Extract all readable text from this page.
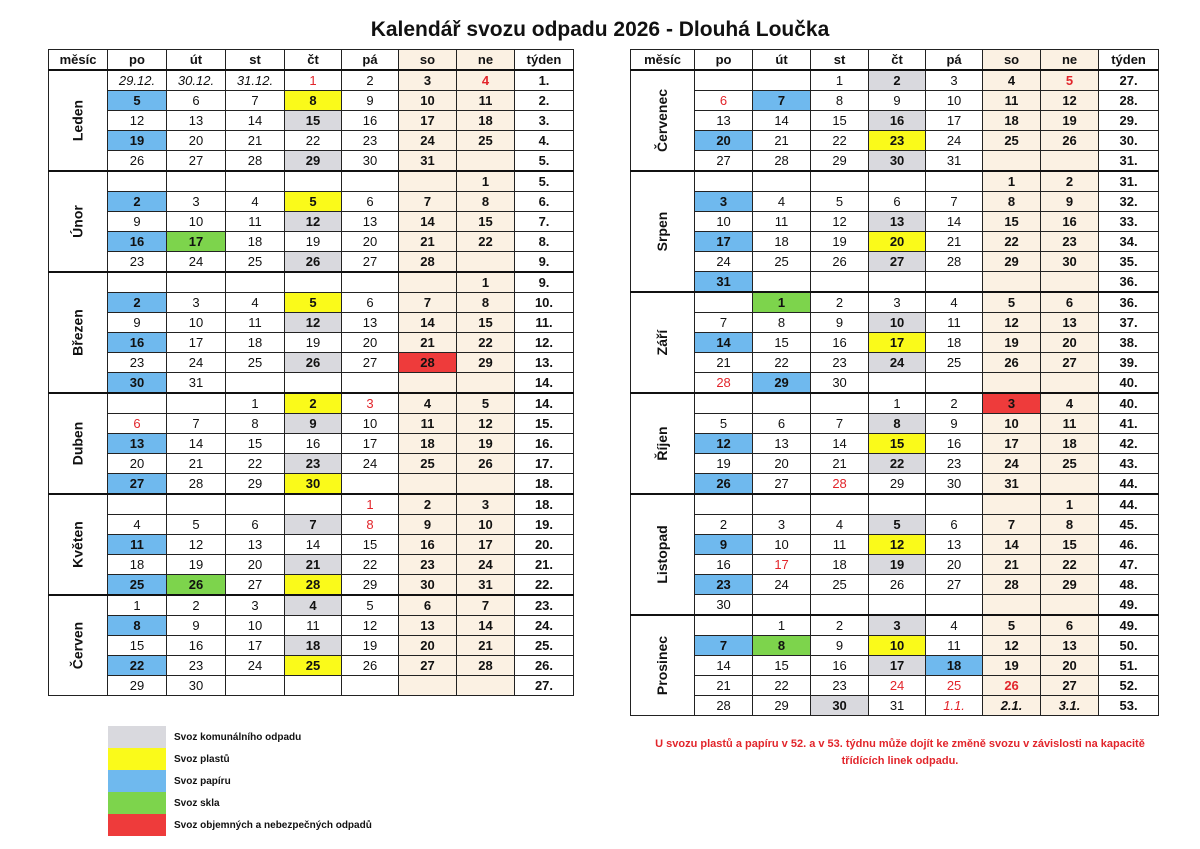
Kalendář svozu odpadu 2026 - Dlouhá Loučka
měsíc	po	út	st	čt	pá	so	ne	týden

Leden	29.12.	30.12.	31.12.	1	2	3	4	1.
	5	6	7	8	9	10	11	2.
	12	13	14	15	16	17	18	3.
	19	20	21	22	23	24	25	4.
	26	27	28	29	30	31		5.

Únor							1	5.
	2	3	4	5	6	7	8	6.
	9	10	11	12	13	14	15	7.
	16	17	18	19	20	21	22	8.
	23	24	25	26	27	28		9.

Březen							1	9.
	2	3	4	5	6	7	8	10.
	9	10	11	12	13	14	15	11.
	16	17	18	19	20	21	22	12.
	23	24	25	26	27	28	29	13.
	30	31						14.

Duben			1	2	3	4	5	14.
	6	7	8	9	10	11	12	15.
	13	14	15	16	17	18	19	16.
	20	21	22	23	24	25	26	17.
	27	28	29	30				18.

Květen					1	2	3	18.
	4	5	6	7	8	9	10	19.
	11	12	13	14	15	16	17	20.
	18	19	20	21	22	23	24	21.
	25	26	27	28	29	30	31	22.

Červen	1	2	3	4	5	6	7	23.
	8	9	10	11	12	13	14	24.
	15	16	17	18	19	20	21	25.
	22	23	24	25	26	27	28	26.
	29	30						27.
měsíc	po	út	st	čt	pá	so	ne	týden

Červenec			1	2	3	4	5	27.
	6	7	8	9	10	11	12	28.
	13	14	15	16	17	18	19	29.
	20	21	22	23	24	25	26	30.
	27	28	29	30	31			31.

Srpen						1	2	31.
	3	4	5	6	7	8	9	32.
	10	11	12	13	14	15	16	33.
	17	18	19	20	21	22	23	34.
	24	25	26	27	28	29	30	35.
	31							36.

Září		1	2	3	4	5	6	36.
	7	8	9	10	11	12	13	37.
	14	15	16	17	18	19	20	38.
	21	22	23	24	25	26	27	39.
	28	29	30					40.

Říjen				1	2	3	4	40.
	5	6	7	8	9	10	11	41.
	12	13	14	15	16	17	18	42.
	19	20	21	22	23	24	25	43.
	26	27	28	29	30	31		44.

Listopad							1	44.
	2	3	4	5	6	7	8	45.
	9	10	11	12	13	14	15	46.
	16	17	18	19	20	21	22	47.
	23	24	25	26	27	28	29	48.
	30							49.

Prosinec		1	2	3	4	5	6	49.
	7	8	9	10	11	12	13	50.
	14	15	16	17	18	19	20	51.
	21	22	23	24	25	26	27	52.
	28	29	30	31	1.1.	2.1.	3.1.	53.
Svoz komunálního odpadu
Svoz plastů
Svoz papíru
Svoz skla
Svoz objemných a nebezpečných odpadů
U svozu plastů a papíru v 52. a v 53. týdnu může dojít ke změně svozu v závislosti na kapacitě
třídících linek odpadu.
